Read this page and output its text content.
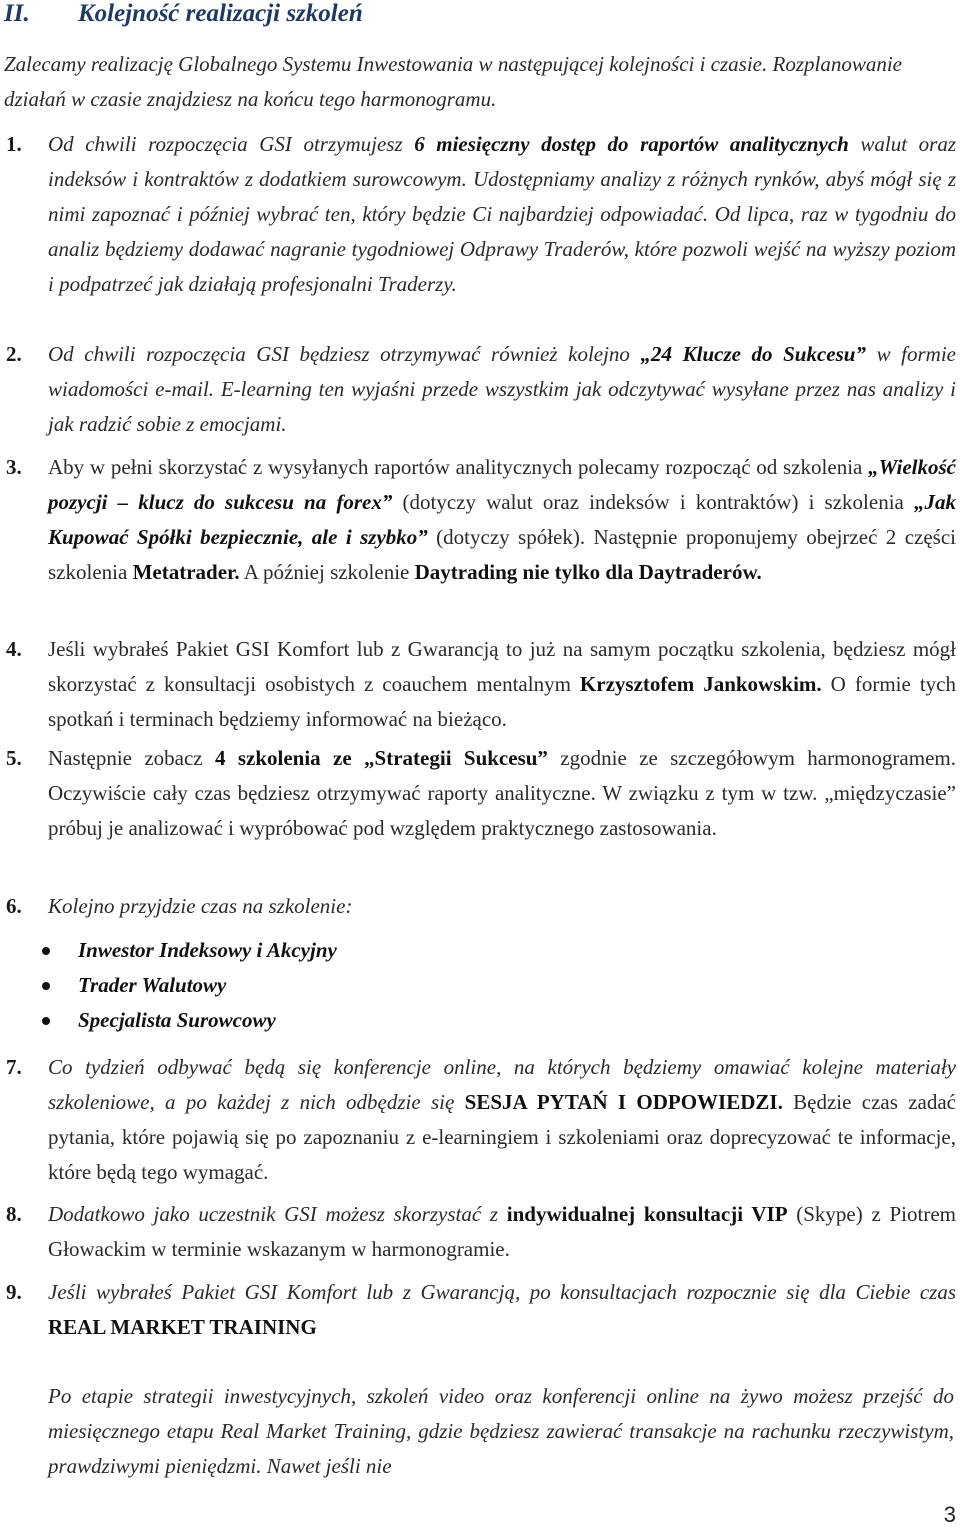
II. Kolejność realizacji szkoleń

Zalecamy realizację Globalnego Systemu Inwestowania w następującej kolejności i czasie. Rozplanowanie działań w czasie znajdziesz na końcu tego harmonogramu.

1. Od chwili rozpoczęcia GSI otrzymujesz 6 miesięczny dostęp do raportów analitycznych walut oraz indeksów i kontraktów z dodatkiem surowcowym. Udostępniamy analizy z różnych rynków, abyś mógł się z nimi zapoznać i później wybrać ten, który będzie Ci najbardziej odpowiadać. Od lipca, raz w tygodniu do analiz będziemy dodawać nagranie tygodniowej Odprawy Traderów, które pozwoli wejść na wyższy poziom i podpatrzeć jak działają profesjonalni Traderzy.
2. Od chwili rozpoczęcia GSI będziesz otrzymywać również kolejno „24 Klucze do Sukcesu” w formie wiadomości e-mail. E-learning ten wyjaśni przede wszystkim jak odczytywać wysyłane przez nas analizy i jak radzić sobie z emocjami.
3. Aby w pełni skorzystać z wysyłanych raportów analitycznych polecamy rozpocząć od szkolenia „Wielkość pozycji – klucz do sukcesu na forex” (dotyczy walut oraz indeksów i kontraktów) i szkolenia „Jak Kupować Spółki bezpiecznie, ale i szybko” (dotyczy spółek). Następnie proponujemy obejrzeć 2 części szkolenia Metatrader. A później szkolenie Daytrading nie tylko dla Daytraderów.
4. Jeśli wybrałeś Pakiet GSI Komfort lub z Gwarancją to już na samym początku szkolenia, będziesz mógł skorzystać z konsultacji osobistych z coauchem mentalnym Krzysztofem Jankowskim. O formie tych spotkań i terminach będziemy informować na bieżąco.
5. Następnie zobacz 4 szkolenia ze „Strategii Sukcesu” zgodnie ze szczegółowym harmonogramem. Oczywiście cały czas będziesz otrzymywać raporty analityczne. W związku z tym w tzw. „międzyczasie” próbuj je analizować i wypróbować pod względem praktycznego zastosowania.
6. Kolejno przyjdzie czas na szkolenie:
Inwestor Indeksowy i Akcyjny
Trader Walutowy
Specjalista Surowcowy
7. Co tydzień odbywać będą się konferencje online, na których będziemy omawiać kolejne materiały szkoleniowe, a po każdej z nich odbędzie się SESJA PYTAŃ I ODPOWIEDZI. Będzie czas zadać pytania, które pojawią się po zapoznaniu z e-learningiem i szkoleniami oraz doprecyzować te informacje, które będą tego wymagać.
8. Dodatkowo jako uczestnik GSI możesz skorzystać z indywidualnej konsultacji VIP (Skype) z Piotrem Głowackim w terminie wskazanym w harmonogramie.
9. Jeśli wybrałeś Pakiet GSI Komfort lub z Gwarancją, po konsultacjach rozpocznie się dla Ciebie czas REAL MARKET TRAINING

Po etapie strategii inwestycyjnych, szkoleń video oraz konferencji online na żywo możesz przejść do miesięcznego etapu Real Market Training, gdzie będziesz zawierać transakcje na rachunku rzeczywistym, prawdziwymi pieniędzmi. Nawet jeśli nie

3
